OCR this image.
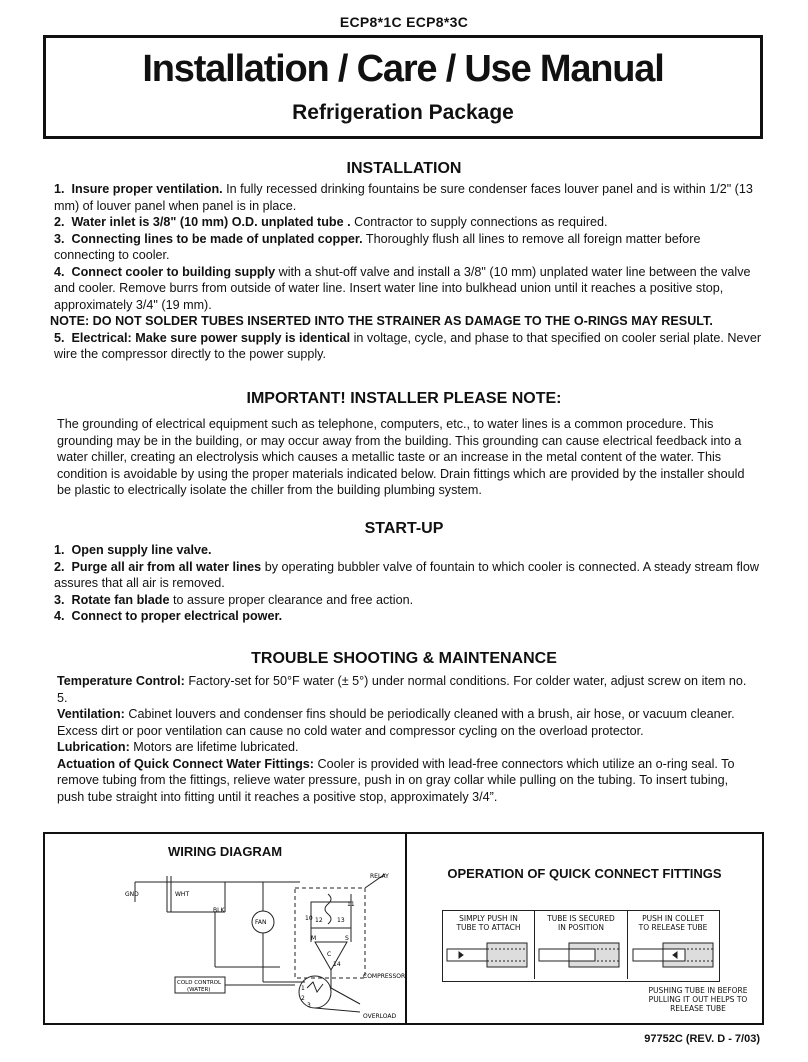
ECP8*1C ECP8*3C
Installation / Care / Use Manual
Refrigeration Package
INSTALLATION
1. Insure proper ventilation. In fully recessed drinking fountains be sure condenser faces louver panel and is within 1/2" (13 mm) of louver panel when panel is in place.
2. Water inlet is 3/8" (10 mm) O.D. unplated tube . Contractor to supply connections as required.
3. Connecting lines to be made of unplated copper. Thoroughly flush all lines to remove all foreign matter before connecting to cooler.
4. Connect cooler to building supply with a shut-off valve and install a 3/8" (10 mm) unplated water line between the valve and cooler. Remove burrs from outside of water line. Insert water line into bulkhead union until it reaches a positive stop, approximately 3/4" (19 mm).
NOTE: DO NOT SOLDER TUBES INSERTED INTO THE STRAINER AS DAMAGE TO THE O-RINGS MAY RESULT.
5. Electrical: Make sure power supply is identical in voltage, cycle, and phase to that specified on cooler serial plate. Never wire the compressor directly to the power supply.
IMPORTANT! INSTALLER PLEASE NOTE:
The grounding of electrical equipment such as telephone, computers, etc., to water lines is a common procedure. This grounding may be in the building, or may occur away from the building. This grounding can cause electrical feedback into a water chiller, creating an electrolysis which causes a metallic taste or an increase in the metal content of the water. This condition is avoidable by using the proper materials indicated below. Drain fittings which are provided by the installer should be plastic to electrically isolate the chiller from the building plumbing system.
START-UP
1. Open supply line valve.
2. Purge all air from all water lines by operating bubbler valve of fountain to which cooler is connected. A steady stream flow assures that all air is removed.
3. Rotate fan blade to assure proper clearance and free action.
4. Connect to proper electrical power.
TROUBLE SHOOTING & MAINTENANCE
Temperature Control: Factory-set for 50°F water (± 5°) under normal conditions. For colder water, adjust screw on item no. 5.
Ventilation: Cabinet louvers and condenser fins should be periodically cleaned with a brush, air hose, or vacuum cleaner. Excess dirt or poor ventilation can cause no cold water and compressor cycling on the overload protector.
Lubrication: Motors are lifetime lubricated.
Actuation of Quick Connect Water Fittings: Cooler is provided with lead-free connectors which utilize an o-ring seal. To remove tubing from the fittings, relieve water pressure, push in on gray collar while pulling on the tubing. To insert tubing, push tube straight into fitting until it reaches a positive stop, approximately 3/4”.
WIRING DIAGRAM
GND	WHT
BLK
FAN
RELAY
10
11
12 13
M	S
C
14
COMPRESSOR
OVERLOAD
COLD CONTROL
(WATER)	1
2
3
OPERATION OF QUICK CONNECT FITTINGS
SIMPLY PUSH IN
TUBE TO ATTACH
TUBE IS SECURED
IN POSITION
PUSH IN COLLET
TO RELEASE TUBE
PUSHING TUBE IN BEFORE
PULLING IT OUT HELPS TO
RELEASE TUBE
97752C (REV. D - 7/03)
